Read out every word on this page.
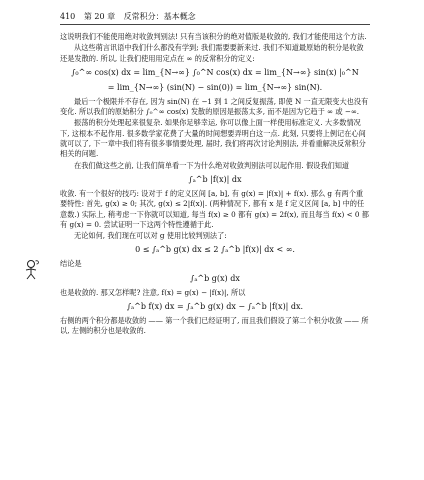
410 第 20 章 反常积分：基本概念

这说明我们不能使用绝对收敛判别法! 只有当该积分的绝对值版是收敛的, 我们才能使用这个方法.

从这些萌言讯语中我们什么都没有学到; 我们需要要新来过. 我们不知道最原始的积分是收敛还是发散的. 所以, 让我们使用用定点在 ∞ 的反常积分的定义:

∫₀^∞ cos(x) dx = lim_{N→∞} ∫₀^N cos(x) dx = lim_{N→∞} sin(x) |₀^N
= lim_{N→∞} (sin(N) − sin(0)) = lim_{N→∞} sin(N).

最后一个极限并不存在, 因为 sin(N) 在 −1 到 1 之间反复振荡, 即使 N 一直无限变大也没有变化. 所以我们的原始积分 ∫₀^∞ cos(x) 发散的原因是振荡太多, 而不是因为它趋于 ∞ 或 −∞.

振荡的积分处理起来很复杂. 如果你足够幸运, 你可以像上面一样使用标准定义. 大多数情况下, 这根本不起作用. 很多数学家花费了大量的时间想要弄明白这一点. 此刻, 只要将上例记在心间就可以了, 下一章中我们将有很多事情要处理, 届时, 我们将再次讨论判别法, 并看重解决反常积分相关的问题.

在我们做这些之前, 让我们简单看一下为什么绝对收敛判别法可以起作用. 假设我们知道

∫ₐ^b |f(x)| dx

收敛. 有一个很好的技巧: 设对于 f 的定义区间 [a, b], 有 g(x) = |f(x)| + f(x). 那么 g 有两个重要特性: 首先, g(x) ≥ 0; 其次, g(x) ≤ 2|f(x)|. (两种情况下, 都有 x 是 f 定义区间 [a, b] 中的任意数.) 实际上, 稍考虑一下你就可以知道, 每当 f(x) ≥ 0 都有 g(x) = 2f(x), 而且每当 f(x) < 0 都有 g(x) = 0. 尝试证明一下这两个特性遵循于此.

无论如何, 我们现在可以对 g 使用比较判别法了:

0 ≤ ∫ₐ^b g(x) dx ≤ 2 ∫ₐ^b |f(x)| dx < ∞.

结论是

∫ₐ^b g(x) dx

也是收敛的. 那又怎样呢? 注意, f(x) = g(x) − |f(x)|, 所以

∫ₐ^b f(x) dx = ∫ₐ^b g(x) dx − ∫ₐ^b |f(x)| dx.

右侧的两个积分都是收敛的 —— 第一个我们已经证明了, 而且我们假设了第二个积分收敛 —— 所以, 左侧的积分也是收敛的.
